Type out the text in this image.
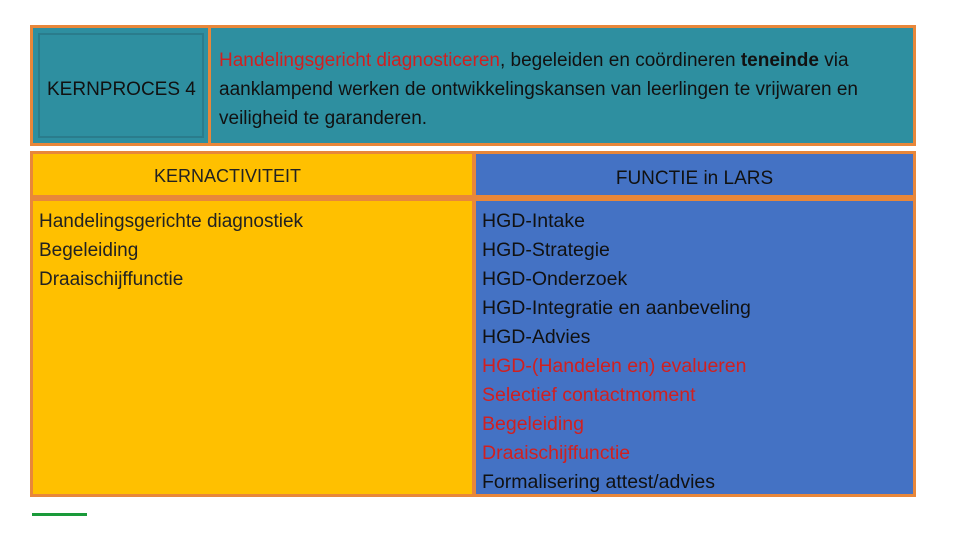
KERNPROCES 4
Handelingsgericht diagnosticeren, begeleiden en coördineren teneinde via aanklampend werken de ontwikkelingskansen van leerlingen te vrijwaren en veiligheid te garanderen.
KERNACTIVITEIT	FUNCTIE in LARS
Handelingsgerichte diagnostiek
Begeleiding
Draaischijffunctie
HGD-Intake
HGD-Strategie
HGD-Onderzoek
HGD-Integratie en aanbeveling
HGD-Advies
HGD-(Handelen en) evalueren
Selectief contactmoment
Begeleiding
Draaischijffunctie
Formalisering attest/advies
